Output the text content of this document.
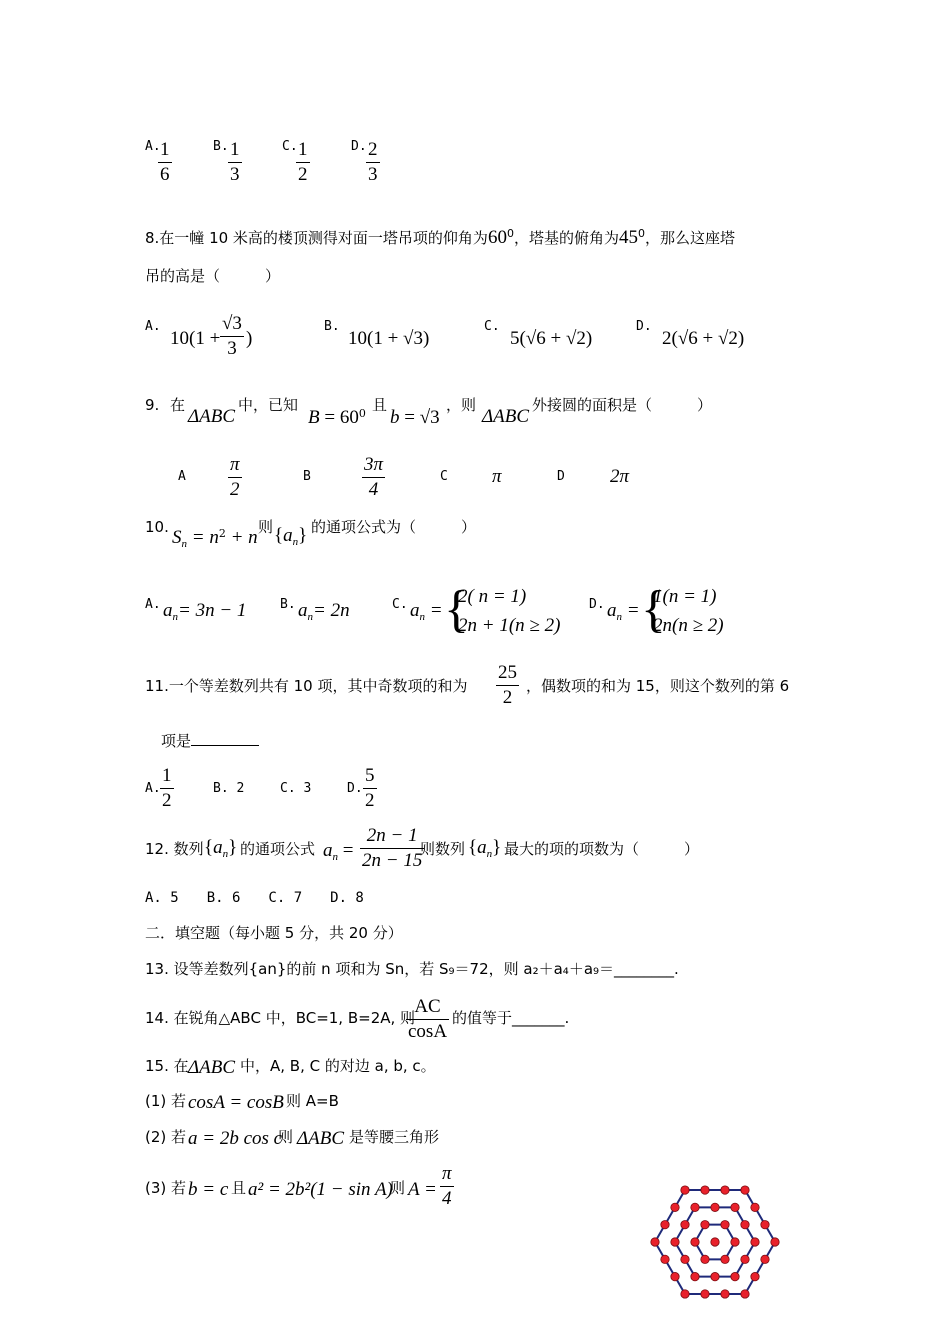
A. 1
6
B. 1
3
C. 1
2
D. 2
3
8.在一幢 10 米高的楼顶测得对面一塔吊项的仰角为$60^0$，塔基的俯角为$45^0$，那么这座塔
吊的高是（　　　）
A.
10(1 +
√3
3 )
B.
10(1 + √3)
C.
5(√6 + √2)
D.
2(√6 + √2)
9. 在
ΔABC
中，已知
$B = 60^0$ 且
b = √3
，则
ΔABC
外接圆的面积是（　　　）
A
π
2
B
3π
4
C π	D 2π
10. $S_n = n^2 + n$ 则 $\{a_n\}$ 的通项公式为（　　　）
A. $a_n= 3n - 1$	B. $a_n= 2n$	C. $a_n$ = {
2( n = 1)
2n + 1(n ≥ 2)
D. $a_n$ = {
1(n = 1)
2n(n ≥ 2)
11.一个等差数列共有 10 项，其中奇数项的和为
25
2
，偶数项的和为 15，则这个数列的第 6
项是
A.
1
2
B. 2	C. 3	D.
5
2
12. 数列 $\{a_n\}$ 的通项公式 $a_n$ =
2n − 1
2n − 15
则数列 $\{a_n\}$ 最大的项的项数为（　　　）
A. 5　　B. 6　　C. 7　　D. 8
二．填空题（每小题 5 分，共 20 分）
13. 设等差数列{an}的前 n 项和为 Sn，若 S₉＝72，则 a₂＋a₄＋a₉＝________.
14. 在锐角△ABC 中，BC=1, B=2A, 则
AC
cosA
的值等于_______.
15. 在 ΔABC 中，A, B, C 的对边 a, b, c。
(1) 若 cosA = cosB 则 A=B
(2) 若 a = 2b cos c
则 ΔABC 是等腰三角形
(3) 若 b = c 且 a² = 2b²(1 − sin A)
则 A =
π
4
